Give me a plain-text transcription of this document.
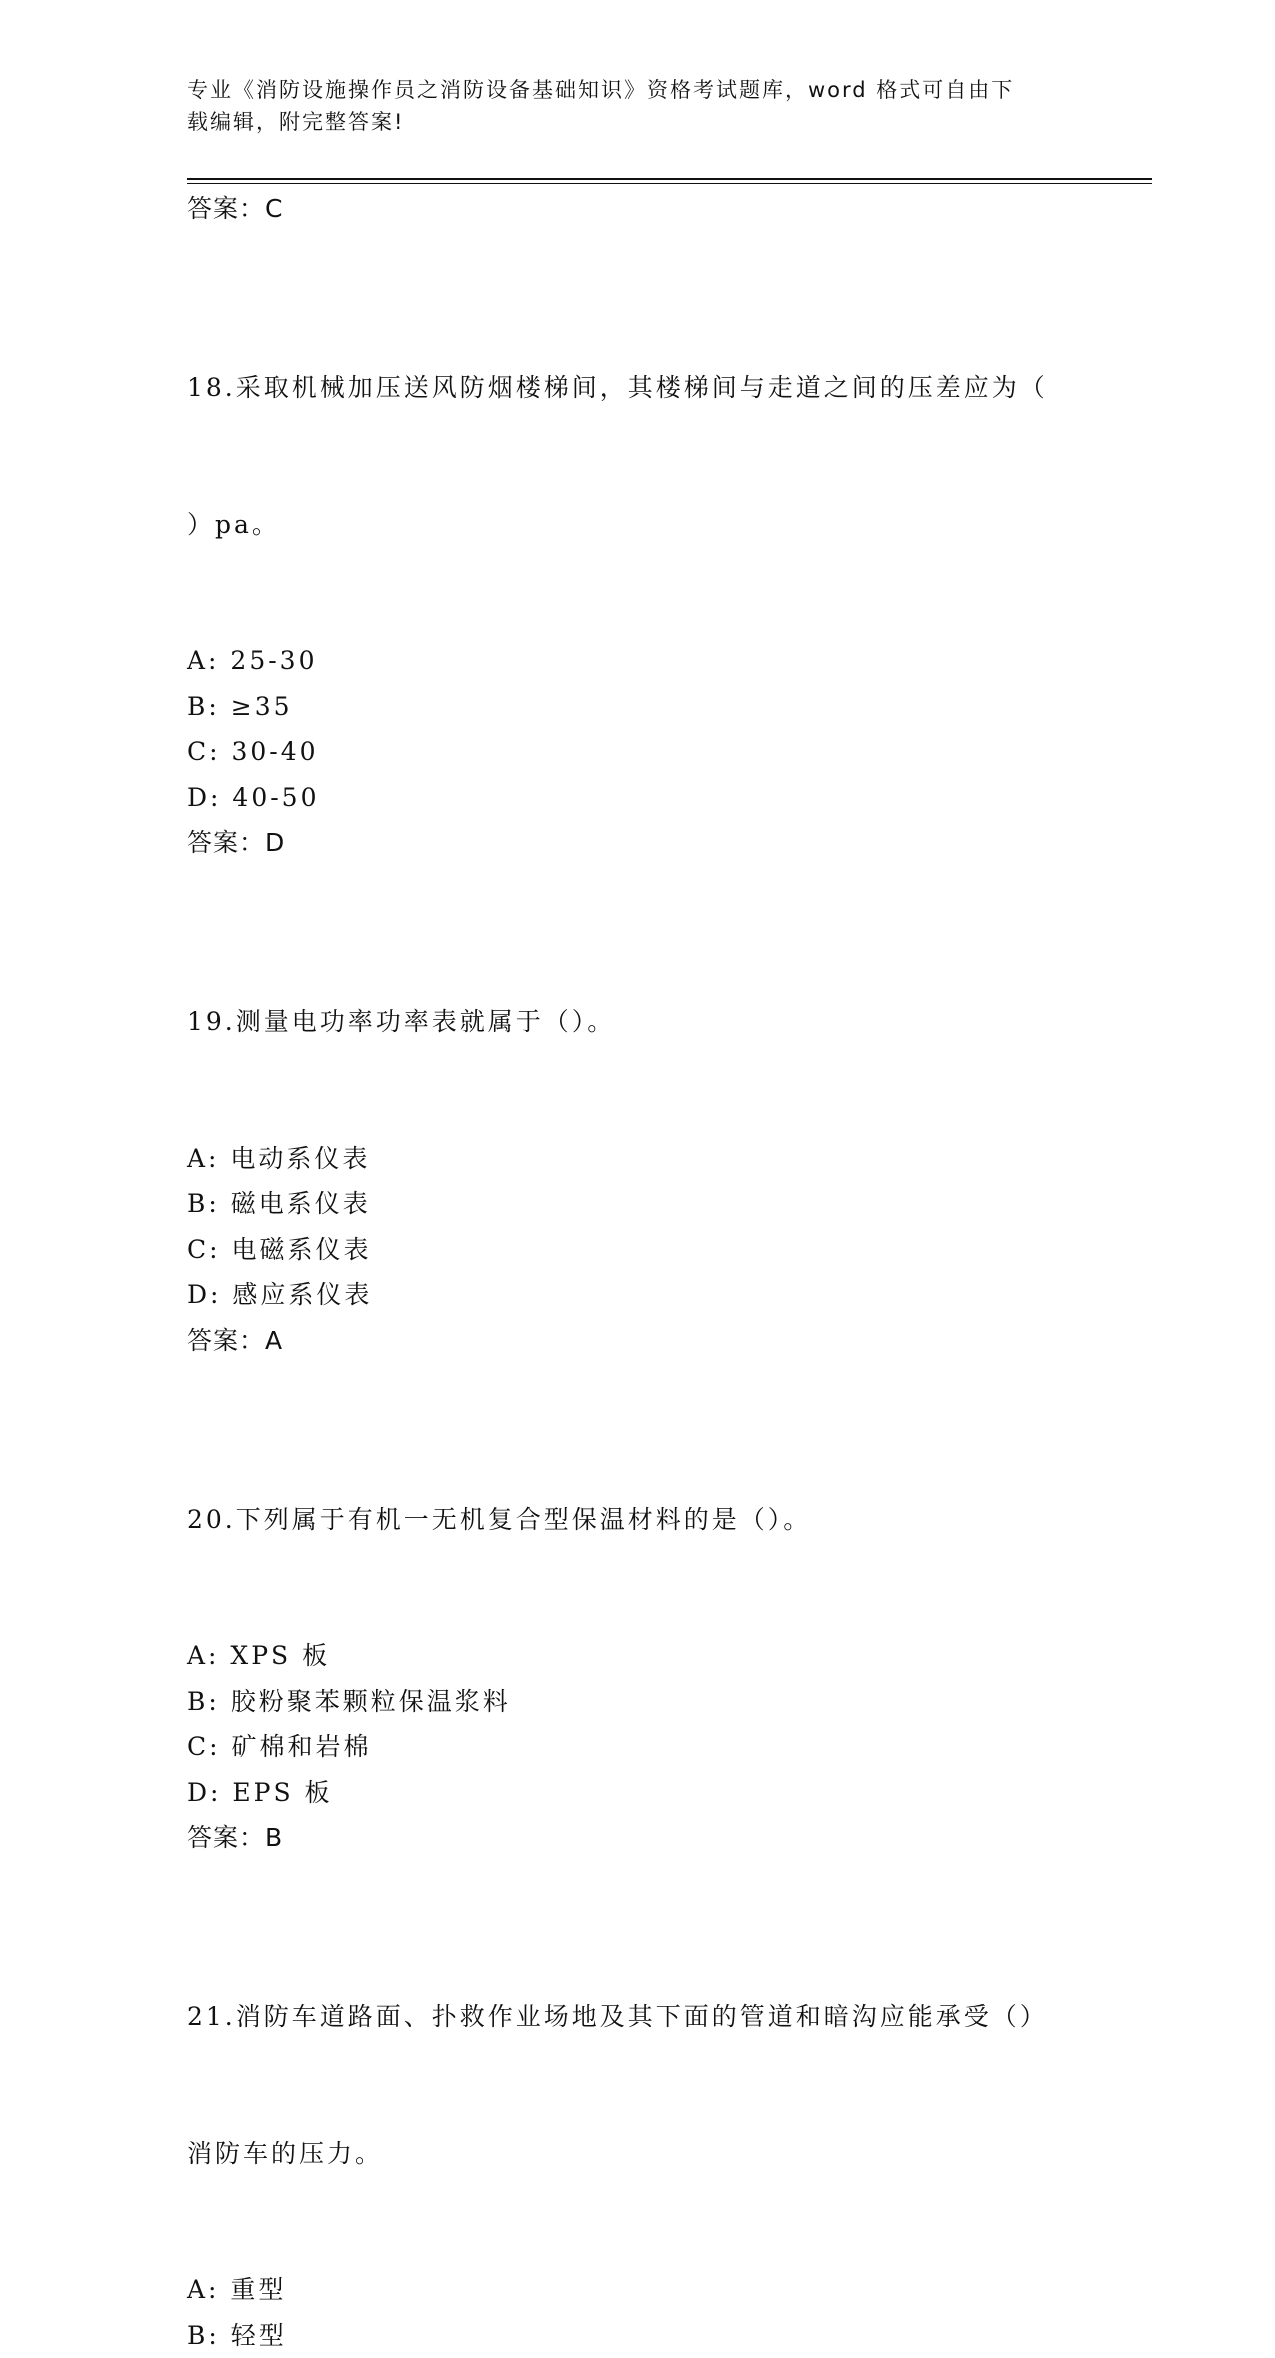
专业《消防设施操作员之消防设备基础知识》资格考试题库，word 格式可自由下
载编辑，附完整答案!
答案：C

18.采取机械加压送风防烟楼梯间，其楼梯间与走道之间的压差应为（

）pa。

A: 25-30
B: ≥35
C: 30-40
D: 40-50
答案：D

19.测量电功率功率表就属于（）。

A: 电动系仪表
B: 磁电系仪表
C: 电磁系仪表
D: 感应系仪表
答案：A

20.下列属于有机一无机复合型保温材料的是（）。

A: XPS 板
B: 胶粉聚苯颗粒保温浆料
C: 矿棉和岩棉
D: EPS 板
答案：B

21.消防车道路面、扑救作业场地及其下面的管道和暗沟应能承受（）

消防车的压力。

A: 重型
B: 轻型
